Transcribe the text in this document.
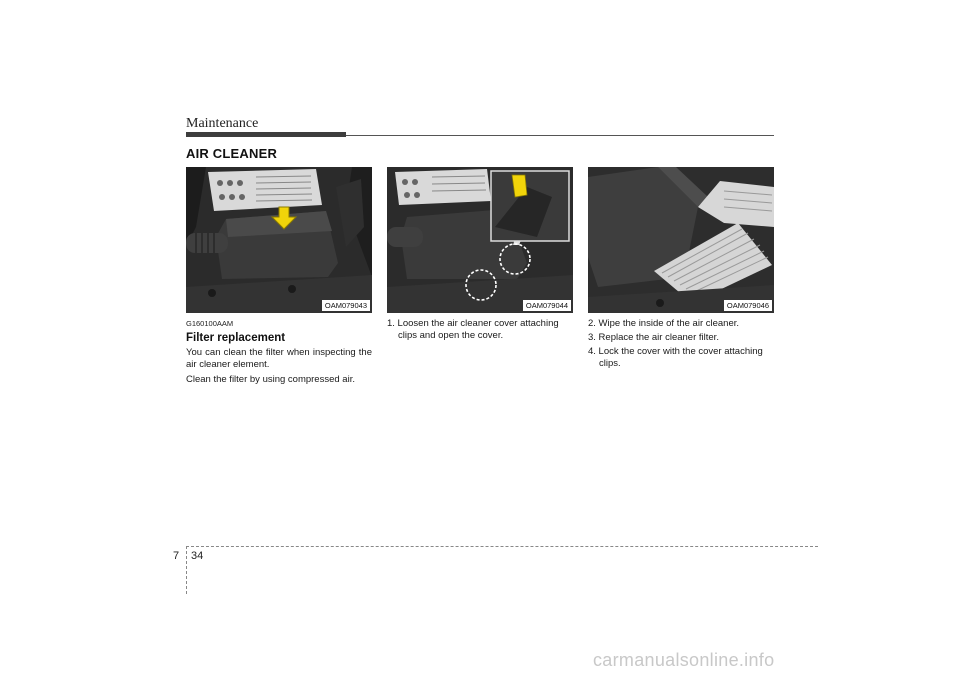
Maintenance
AIR CLEANER
OAM079043	OAM079044	OAM079046
G160100AAM
Filter replacement

You can clean the filter when inspecting the air cleaner element.

Clean the filter by using compressed air.

1. Loosen the air cleaner cover attaching clips and open the cover.

2. Wipe the inside of the air cleaner.

3. Replace the air cleaner filter.

4. Lock the cover with the cover attaching clips.

7 34
carmanualsonline.info
